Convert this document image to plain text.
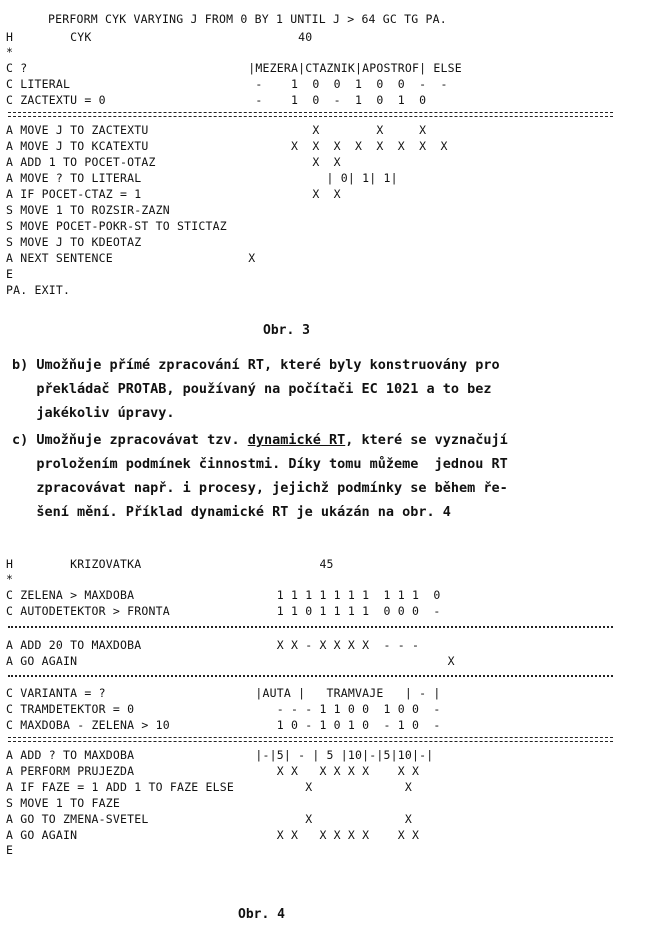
PERFORM CYK VARYING J FROM 0 BY 1 UNTIL J > 64 GC TG PA.

H        CYK                             40

*

C ?                               |MEZERA|CTAZNIK|APOSTROF| ELSE

C LITERAL                          -    1  0  0  1  0  0  -  -

C ZACTEXTU = 0                     -    1  0  -  1  0  1  0

A MOVE J TO ZACTEXTU                       X        X     X

A MOVE J TO KCATEXTU                    X  X  X  X  X  X  X  X

A ADD 1 TO POCET-OTAZ                      X  X

A MOVE ? TO LITERAL                          | 0| 1| 1|

A IF POCET-CTAZ = 1                        X  X

S MOVE 1 TO ROZSIR-ZAZN

S MOVE POCET-POKR-ST TO STICTAZ

S MOVE J TO KDEOTAZ

A NEXT SENTENCE                   X

E

PA. EXIT.

Obr. 3
b) Umožňuje přímé zpracování RT, které byly konstruovány pro
překládač PROTAB, používaný na počítači EC 1021 a to bez
jakékoliv úpravy.
c) Umožňuje zpracovávat tzv. dynamické RT, které se vyznačují
proložením podmínek činnostmi. Díky tomu můžeme  jednou RT
zpracovávat např. i procesy, jejichž podmínky se během ře-
šení mění. Příklad dynamické RT je ukázán na obr. 4

H        KRIZOVATKA                         45

*

C ZELENA > MAXDOBA                    1 1 1 1 1 1 1  1 1 1  0

C AUTODETEKTOR > FRONTA               1 1 0 1 1 1 1  0 0 0  -

A ADD 20 TO MAXDOBA                   X X - X X X X  - - -

A GO AGAIN                                                    X

C VARIANTA = ?                     |AUTA |   TRAMVAJE   | - |

C TRAMDETEKTOR = 0                    - - - 1 1 0 0  1 0 0  -

C MAXDOBA - ZELENA > 10               1 0 - 1 0 1 0  - 1 0  -

A ADD ? TO MAXDOBA                 |-|5| - | 5 |10|-|5|10|-|

A PERFORM PRUJEZDA                    X X   X X X X    X X

A IF FAZE = 1 ADD 1 TO FAZE ELSE          X             X

S MOVE 1 TO FAZE

A GO TO ZMENA-SVETEL                      X             X

A GO AGAIN                            X X   X X X X    X X

E

Obr. 4
